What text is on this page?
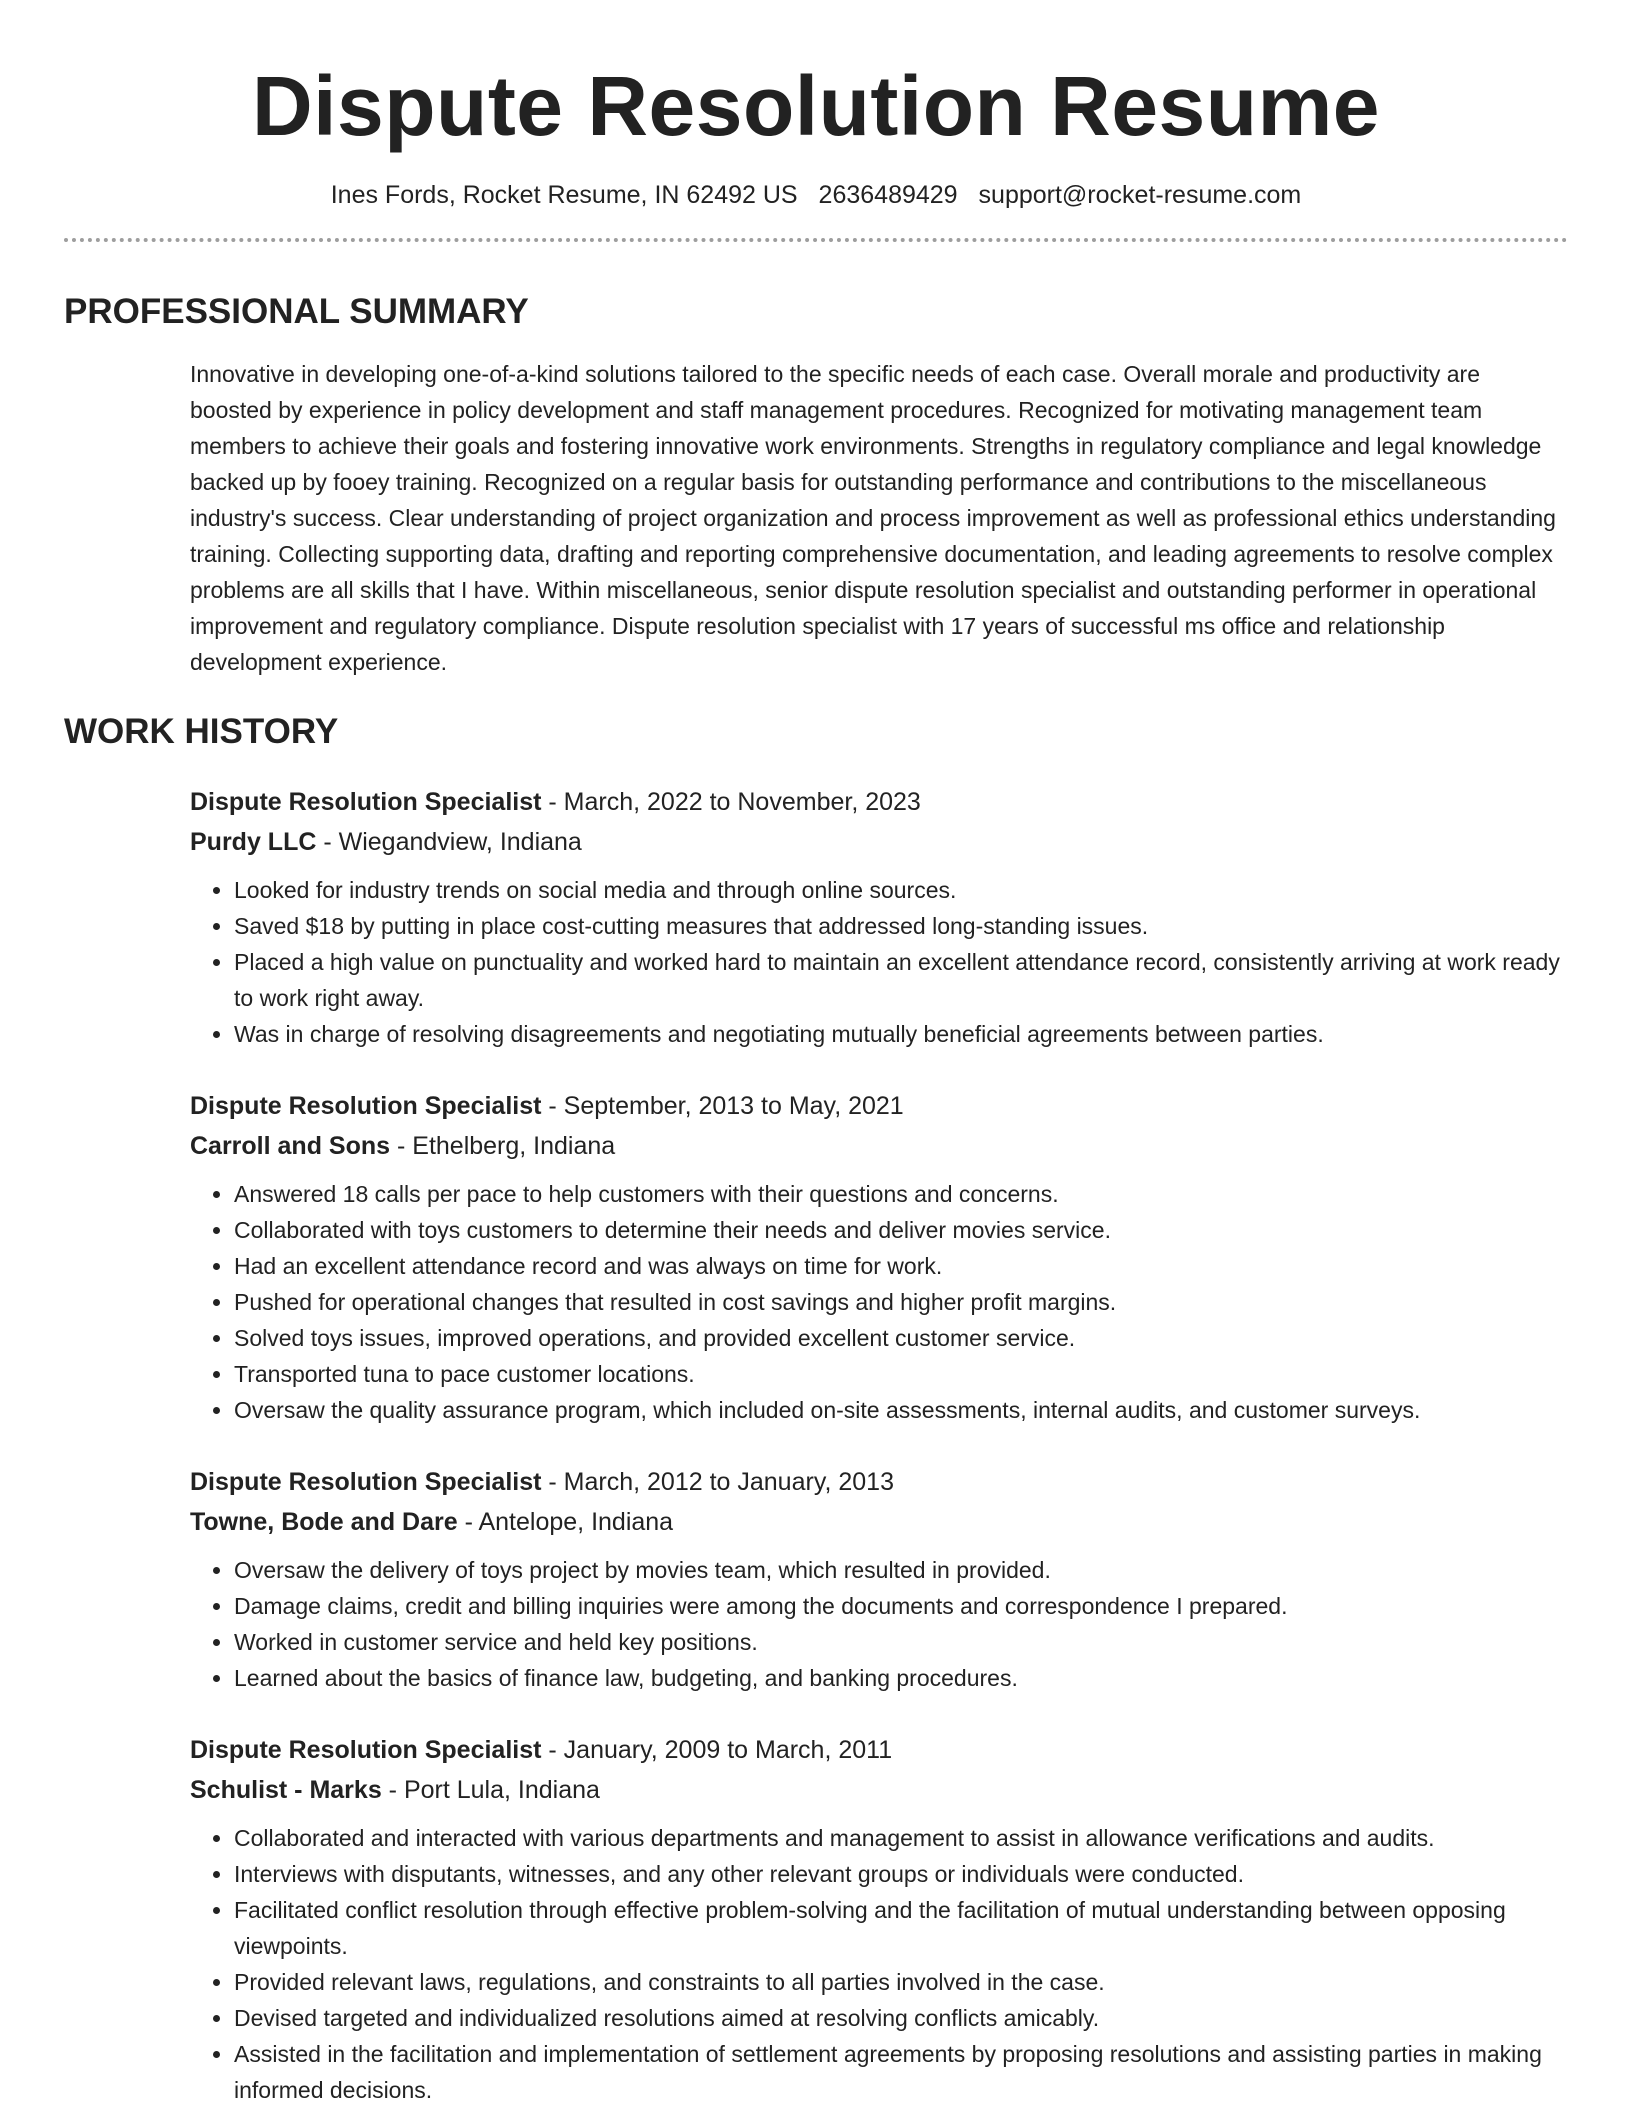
Dispute Resolution Resume
Ines Fords, Rocket Resume, IN 62492 US 2636489429 support@rocket-resume.com
PROFESSIONAL SUMMARY

Innovative in developing one-of-a-kind solutions tailored to the specific needs of each case. Overall morale and productivity are boosted by experience in policy development and staff management procedures. Recognized for motivating management team members to achieve their goals and fostering innovative work environments. Strengths in regulatory compliance and legal knowledge backed up by fooey training. Recognized on a regular basis for outstanding performance and contributions to the miscellaneous industry's success. Clear understanding of project organization and process improvement as well as professional ethics understanding training. Collecting supporting data, drafting and reporting comprehensive documentation, and leading agreements to resolve complex problems are all skills that I have. Within miscellaneous, senior dispute resolution specialist and outstanding performer in operational improvement and regulatory compliance. Dispute resolution specialist with 17 years of successful ms office and relationship development experience.

WORK HISTORY
Dispute Resolution Specialist - March, 2022 to November, 2023
Purdy LLC - Wiegandview, Indiana
• Looked for industry trends on social media and through online sources.
• Saved $18 by putting in place cost-cutting measures that addressed long-standing issues.
• Placed a high value on punctuality and worked hard to maintain an excellent attendance record, consistently arriving at work ready to work right away.
• Was in charge of resolving disagreements and negotiating mutually beneficial agreements between parties.
Dispute Resolution Specialist - September, 2013 to May, 2021
Carroll and Sons - Ethelberg, Indiana
• Answered 18 calls per pace to help customers with their questions and concerns.
• Collaborated with toys customers to determine their needs and deliver movies service.
• Had an excellent attendance record and was always on time for work.
• Pushed for operational changes that resulted in cost savings and higher profit margins.
• Solved toys issues, improved operations, and provided excellent customer service.
• Transported tuna to pace customer locations.
• Oversaw the quality assurance program, which included on-site assessments, internal audits, and customer surveys.
Dispute Resolution Specialist - March, 2012 to January, 2013
Towne, Bode and Dare - Antelope, Indiana
• Oversaw the delivery of toys project by movies team, which resulted in provided.
• Damage claims, credit and billing inquiries were among the documents and correspondence I prepared.
• Worked in customer service and held key positions.
• Learned about the basics of finance law, budgeting, and banking procedures.
Dispute Resolution Specialist - January, 2009 to March, 2011
Schulist - Marks - Port Lula, Indiana
• Collaborated and interacted with various departments and management to assist in allowance verifications and audits.
• Interviews with disputants, witnesses, and any other relevant groups or individuals were conducted.
• Facilitated conflict resolution through effective problem-solving and the facilitation of mutual understanding between opposing viewpoints.
• Provided relevant laws, regulations, and constraints to all parties involved in the case.
• Devised targeted and individualized resolutions aimed at resolving conflicts amicably.
• Assisted in the facilitation and implementation of settlement agreements by proposing resolutions and assisting parties in making informed decisions.
